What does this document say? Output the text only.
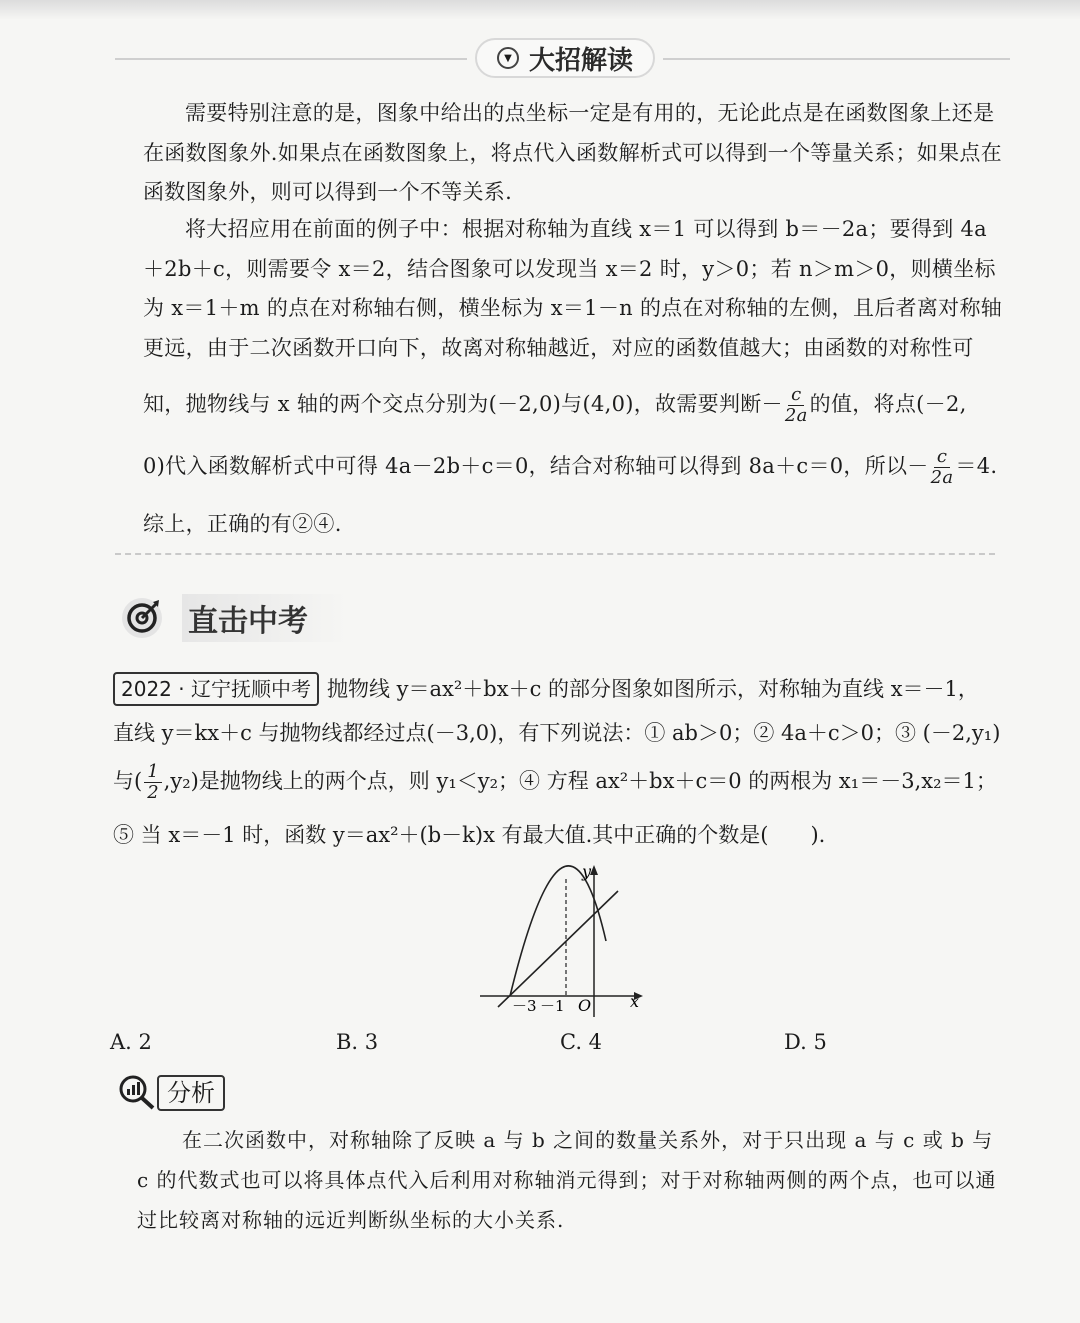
▼ 大招解读
需要特别注意的是，图象中给出的点坐标一定是有用的，无论此点是在函数图象上还是在函数图象外.如果点在函数图象上，将点代入函数解析式可以得到一个等量关系；如果点在函数图象外，则可以得到一个不等关系.
将大招应用在前面的例子中：根据对称轴为直线 x＝1 可以得到 b＝－2a；要得到 4a＋2b＋c，则需要令 x＝2，结合图象可以发现当 x＝2 时，y＞0；若 n＞m＞0，则横坐标为 x＝1＋m 的点在对称轴右侧，横坐标为 x＝1－n 的点在对称轴的左侧，且后者离对称轴更远，由于二次函数开口向下，故离对称轴越近，对应的函数值越大；由函数的对称性可
知，抛物线与 x 轴的两个交点分别为(－2,0)与(4,0)，故需要判断－ $\frac{c}{2a}$ 的值，将点(－2,
0)代入函数解析式中可得 4a－2b＋c＝0，结合对称轴可以得到 8a＋c＝0，所以－ $\frac{c}{2a} =4$.
综上，正确的有②④.
直击中考
2022 · 辽宁抚顺中考 抛物线 y＝ax²＋bx＋c 的部分图象如图所示，对称轴为直线 x＝－1，
直线 y＝kx＋c 与抛物线都经过点(－3,0)，有下列说法：① ab＞0；② 4a＋c＞0；③ (－2,y₁)
与( $\frac{1}{2} ,y_2$)是抛物线上的两个点，则 y₁＜y₂；④ 方程 ax²＋bx＋c＝0 的两根为 x₁＝－3,x₂＝1；
⑤ 当 x＝－1 时，函数 y＝ax²＋(b－k)x 有最大值.其中正确的个数是(　　).
y
x
O
－3 －1
A. 2	B. 3	C. 4	D. 5
分析
在二次函数中，对称轴除了反映 a 与 b 之间的数量关系外，对于只出现 a 与 c 或 b 与 c 的代数式也可以将具体点代入后利用对称轴消元得到；对于对称轴两侧的两个点，也可以通过比较离对称轴的远近判断纵坐标的大小关系.
